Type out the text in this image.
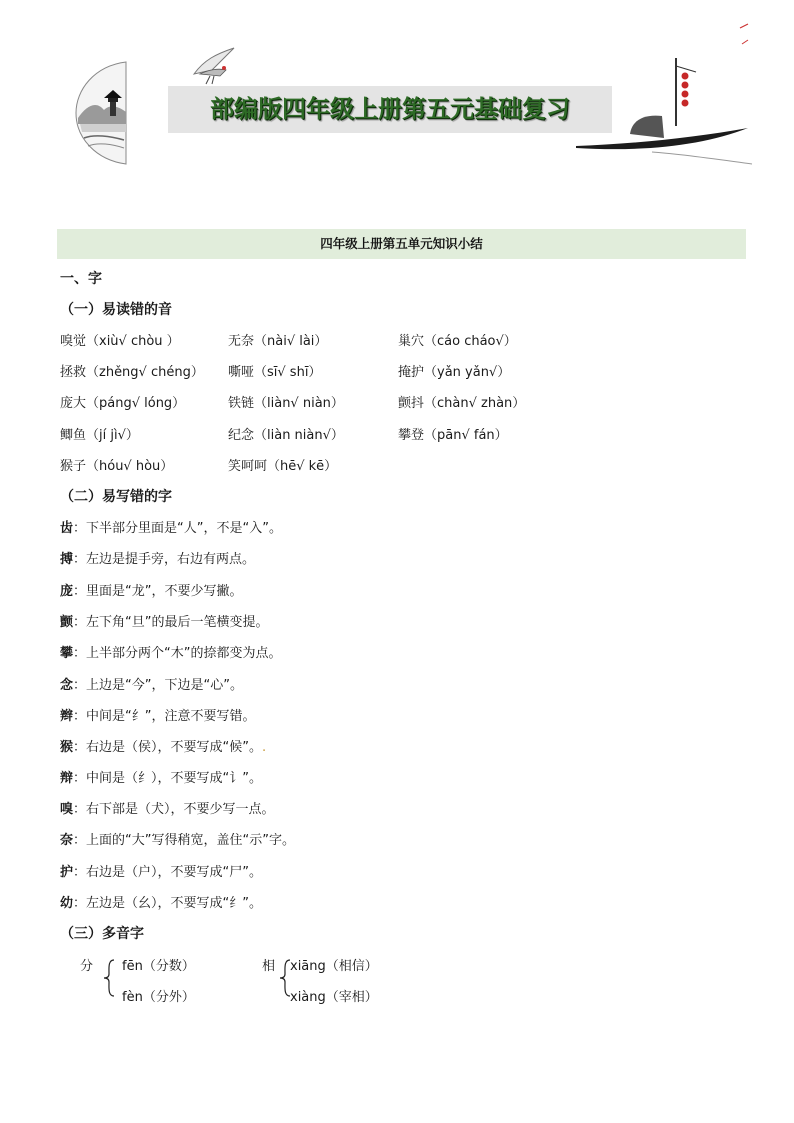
部编版四年级上册第五元基础复习
四年级上册第五单元知识小结
一、字
（一）易读错的音
嗅觉（xiù√ chòu ）	无奈（nài√ lài）	巢穴（cáo cháo√）
拯救（zhěng√ chéng） 嘶哑（sī√ shī）	掩护（yǎn yǎn√）
庞大（páng√ lóng）	铁链（liàn√ niàn）	颤抖（chàn√ zhàn）
鲫鱼（jí jì√）	纪念（liàn niàn√）	攀登（pān√ fán）
猴子（hóu√ hòu）	笑呵呵（hē√ kē）
（二）易写错的字
齿：下半部分里面是“人”，不是“入”。
搏：左边是提手旁，右边有两点。
庞：里面是“龙”，不要少写撇。
颤：左下角“旦”的最后一笔横变提。
攀：上半部分两个“木”的捺都变为点。
念：上边是“今”，下边是“心”。
辫：中间是“纟”，注意不要写错。
猴：右边是（侯），不要写成“候”。.
辩：中间是（纟），不要写成“讠”。
嗅：右下部是（犬），不要少写一点。
奈：上面的“大”写得稍宽，盖住“示”字。
护：右边是（户），不要写成“尸”。
幼：左边是（幺），不要写成“纟”。
（三）多音字
分 fēn（分数）
fèn（分外）
相 xiāng（相信）
xiàng（宰相）
